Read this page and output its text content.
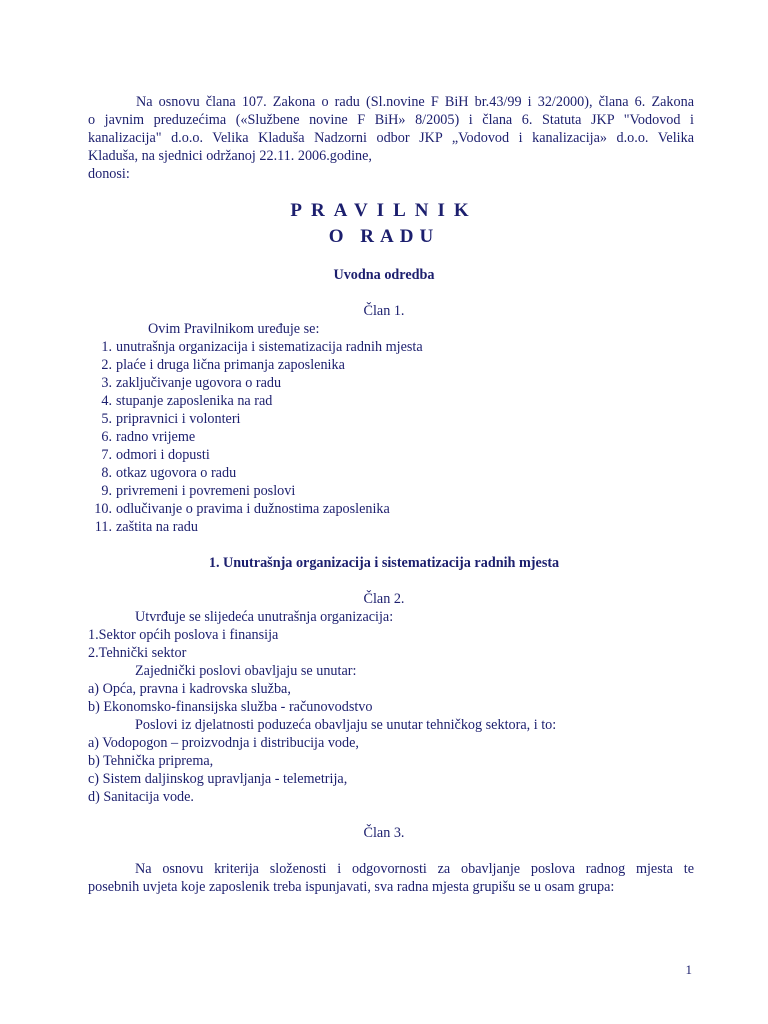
Na osnovu člana 107. Zakona o radu (Sl.novine F BiH br.43/99 i 32/2000), člana 6. Zakona
o javnim preduzećima («Službene novine F BiH» 8/2005) i člana 6. Statuta JKP "Vodovod i
kanalizacija" d.o.o. Velika Kladuša Nadzorni odbor JKP „Vodovod i kanalizacija» d.o.o. Velika
Kladuša, na sjednici održanoj 22.11. 2006.godine,
donosi:
PRAVILNIK
O RADU
Uvodna odredba
Član 1.
Ovim Pravilnikom uređuje se:
1. unutrašnja organizacija i sistematizacija radnih mjesta
2. plaće i druga lična primanja zaposlenika
3. zaključivanje ugovora o radu
4. stupanje zaposlenika na rad
5. pripravnici i volonteri
6. radno vrijeme
7. odmori i dopusti
8. otkaz ugovora o radu
9. privremeni i povremeni poslovi
10. odlučivanje o pravima i dužnostima zaposlenika
11. zaštita na radu
1. Unutrašnja organizacija i sistematizacija radnih mjesta
Član 2.
Utvrđuje se slijedeća unutrašnja organizacija:
1.Sektor općih poslova i finansija
2.Tehnički sektor
Zajednički poslovi obavljaju se unutar:
a) Opća, pravna i kadrovska služba,
b) Ekonomsko-finansijska služba - računovodstvo
Poslovi iz djelatnosti poduzeća obavljaju se unutar tehničkog sektora, i to:
a) Vodopogon – proizvodnja i distribucija vode,
b) Tehnička priprema,
c) Sistem daljinskog upravljanja - telemetrija,
d) Sanitacija vode.
Član 3.
Na osnovu kriterija složenosti i odgovornosti za obavljanje poslova radnog mjesta te
posebnih uvjeta koje zaposlenik treba ispunjavati, sva radna mjesta grupišu se u osam grupa:
1
